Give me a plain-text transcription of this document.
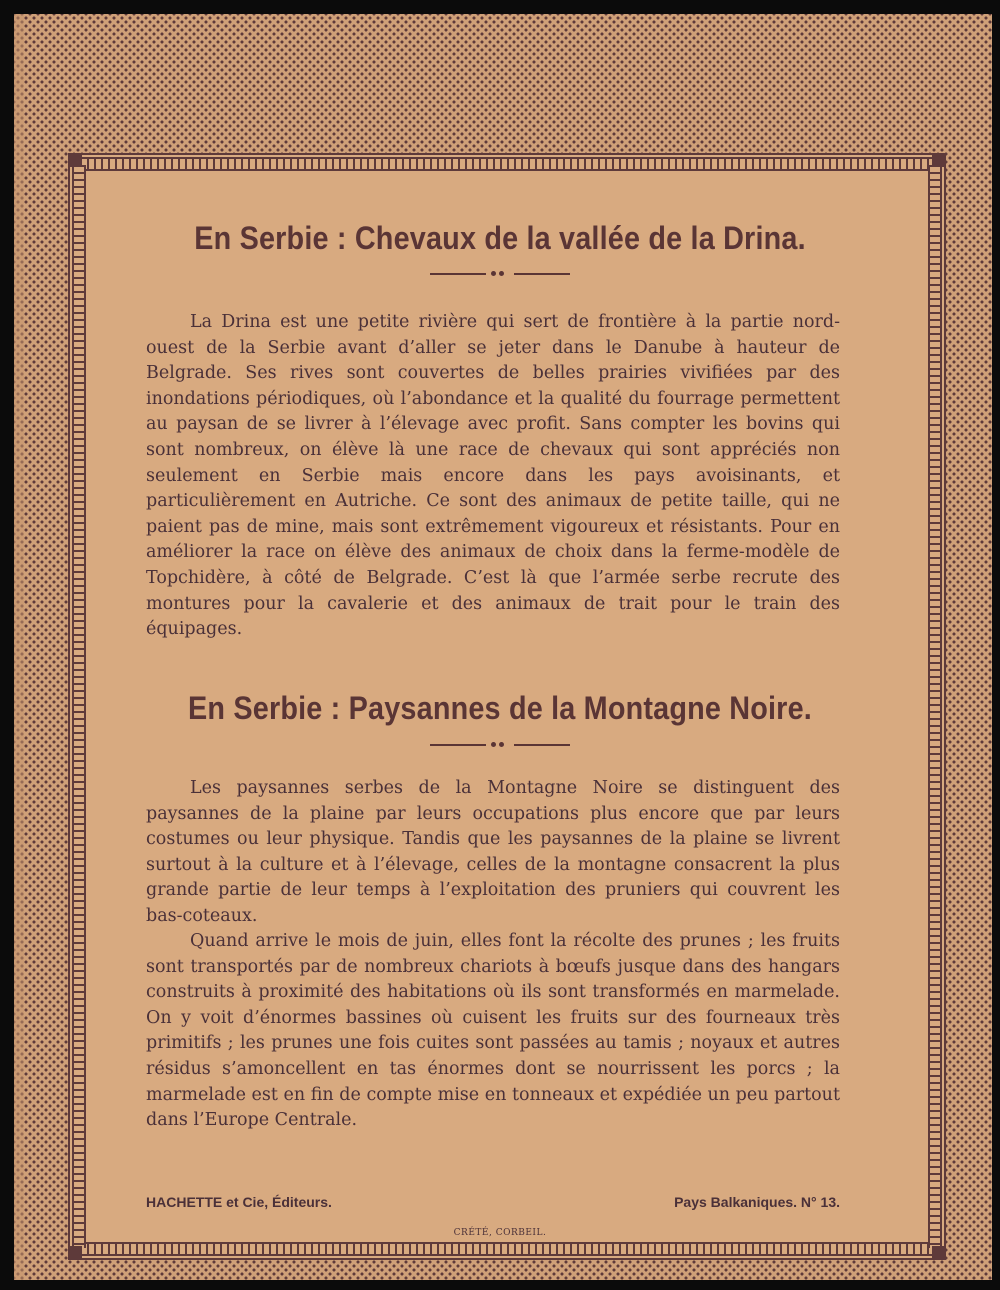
En Serbie : Chevaux de la vallée de la Drina.

La Drina est une petite rivière qui sert de frontière à la partie nord-ouest de la Serbie avant d’aller se jeter dans le Danube à hauteur de Belgrade. Ses rives sont couvertes de belles prairies vivifiées par des inondations périodiques, où l’abondance et la qualité du fourrage permettent au paysan de se livrer à l’élevage avec profit. Sans compter les bovins qui sont nombreux, on élève là une race de chevaux qui sont appréciés non seulement en Serbie mais encore dans les pays avoisinants, et particulièrement en Autriche. Ce sont des animaux de petite taille, qui ne paient pas de mine, mais sont extrêmement vigoureux et résistants. Pour en améliorer la race on élève des animaux de choix dans la ferme-modèle de Topchidère, à côté de Belgrade. C’est là que l’armée serbe recrute des montures pour la cavalerie et des animaux de trait pour le train des équipages.

En Serbie : Paysannes de la Montagne Noire.

Les paysannes serbes de la Montagne Noire se distinguent des paysannes de la plaine par leurs occupations plus encore que par leurs costumes ou leur physique. Tandis que les paysannes de la plaine se livrent surtout à la culture et à l’élevage, celles de la montagne consacrent la plus grande partie de leur temps à l’exploitation des pruniers qui couvrent les bas-coteaux.

Quand arrive le mois de juin, elles font la récolte des prunes ; les fruits sont transportés par de nombreux chariots à bœufs jusque dans des hangars construits à proximité des habitations où ils sont transformés en marmelade. On y voit d’énormes bassines où cuisent les fruits sur des fourneaux très primitifs ; les prunes une fois cuites sont passées au tamis ; noyaux et autres résidus s’amoncellent en tas énormes dont se nourrissent les porcs ; la marmelade est en fin de compte mise en tonneaux et expédiée un peu partout dans l’Europe Centrale.

HACHETTE et Cie, Éditeurs.	Pays Balkaniques. N° 13.
CRÉTÉ, CORBEIL.
